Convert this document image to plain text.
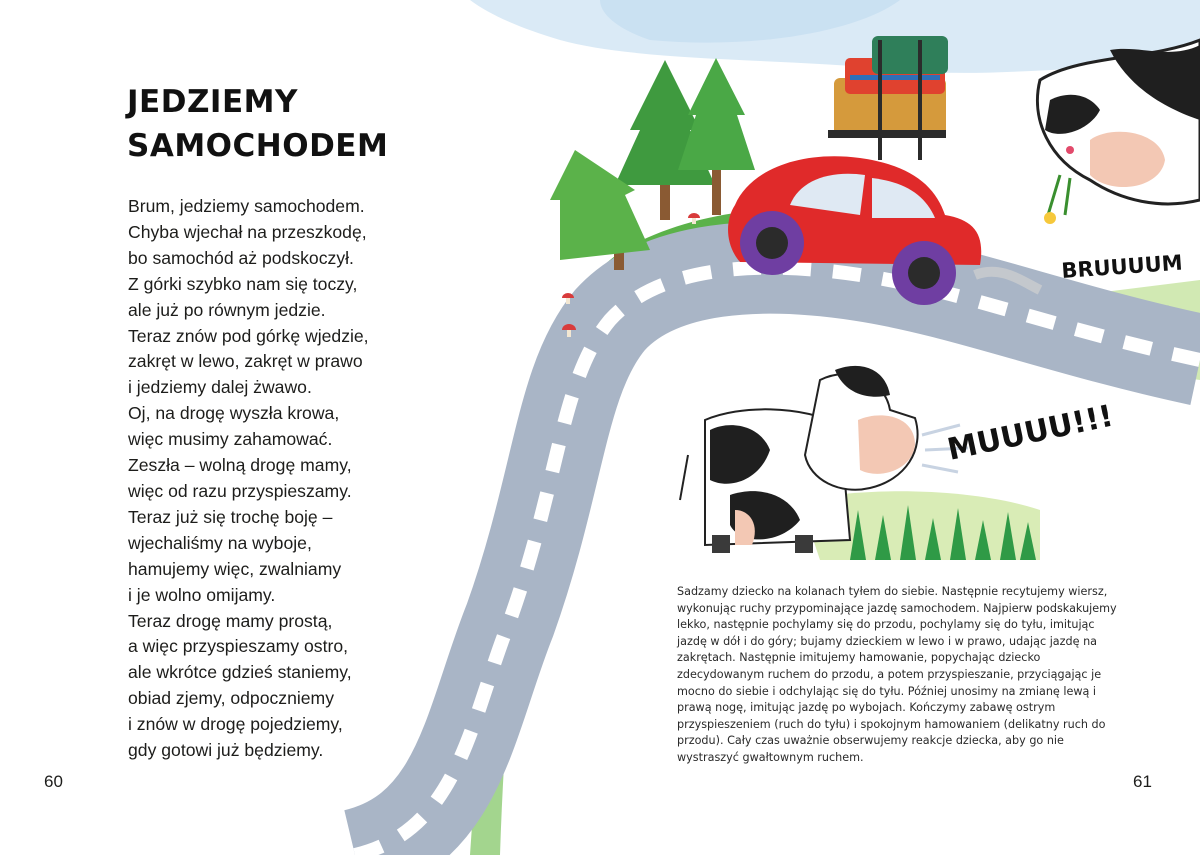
BRUUUUM
MUUUU!!!
JEDZIEMY
SAMOCHODEM
Brum, jedziemy samochodem.
Chyba wjechał na przeszkodę,
bo samochód aż podskoczył.
Z górki szybko nam się toczy,
ale już po równym jedzie.
Teraz znów pod górkę wjedzie,
zakręt w lewo, zakręt w prawo
i jedziemy dalej żwawo.
Oj, na drogę wyszła krowa,
więc musimy zahamować.
Zeszła – wolną drogę mamy,
więc od razu przyspieszamy.
Teraz już się trochę boję –
wjechaliśmy na wyboje,
hamujemy więc, zwalniamy
i je wolno omijamy.
Teraz drogę mamy prostą,
a więc przyspieszamy ostro,
ale wkrótce gdzieś staniemy,
obiad zjemy, odpoczniemy
i znów w drogę pojedziemy,
gdy gotowi już będziemy.

Sadzamy dziecko na kolanach tyłem do siebie. Następnie recytujemy wiersz, wykonując ruchy przypominające jazdę samochodem. Najpierw podskakujemy lekko, następnie pochylamy się do przodu, pochylamy się do tyłu, imitując jazdę w dół i do góry; bujamy dzieckiem w lewo i w prawo, udając jazdę na zakrętach. Następnie imitujemy hamowanie, popychając dziecko zdecydowanym ruchem do przodu, a potem przyspieszanie, przyciągając je mocno do siebie i odchylając się do tyłu. Później unosimy na zmianę lewą i prawą nogę, imitując jazdę po wybojach. Kończymy zabawę ostrym przyspieszeniem (ruch do tyłu) i spokojnym hamowaniem (delikatny ruch do przodu). Cały czas uważnie obserwujemy reakcje dziecka, aby go nie wystraszyć gwałtownym ruchem.

60	61
